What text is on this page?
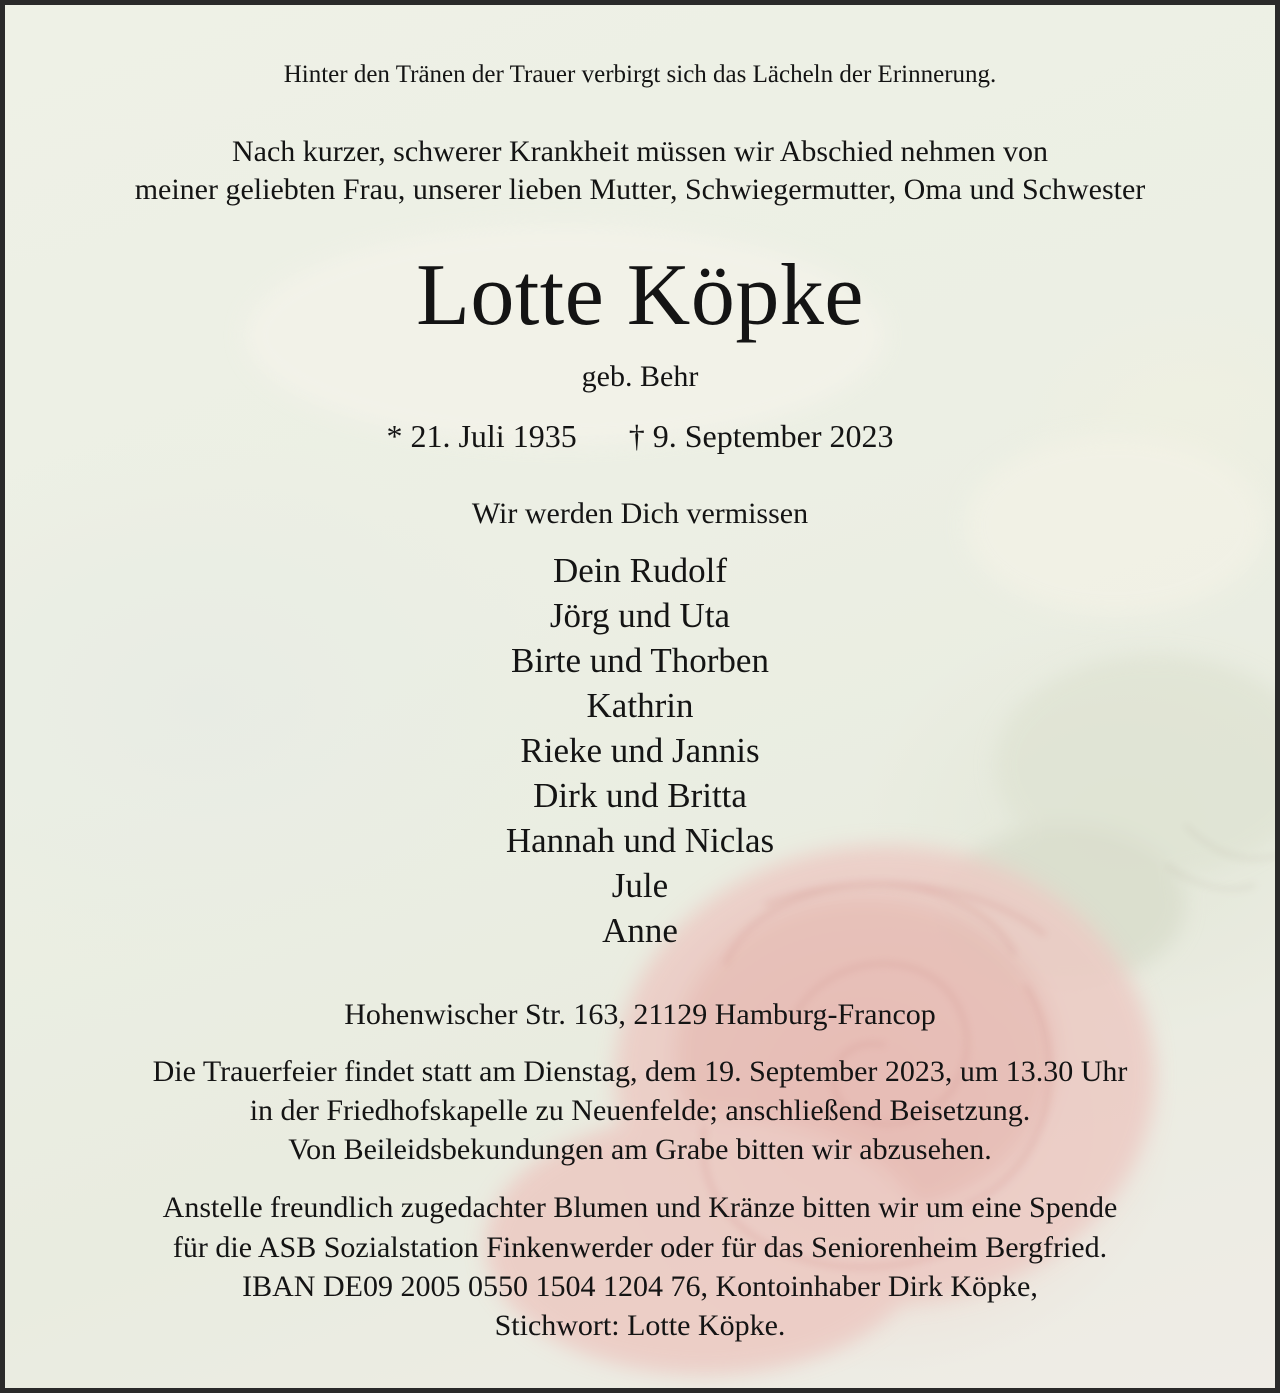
Hinter den Tränen der Trauer verbirgt sich das Lächeln der Erinnerung.
Nach kurzer, schwerer Krankheit müssen wir Abschied nehmen von
meiner geliebten Frau, unserer lieben Mutter, Schwiegermutter, Oma und Schwester
Lotte Köpke
geb. Behr
* 21. Juli 1935 † 9. September 2023
Wir werden Dich vermissen
Dein Rudolf
Jörg und Uta
Birte und Thorben
Kathrin
Rieke und Jannis
Dirk und Britta
Hannah und Niclas
Jule
Anne
Hohenwischer Str. 163, 21129 Hamburg-Francop
Die Trauerfeier findet statt am Dienstag, dem 19. September 2023, um 13.30 Uhr
in der Friedhofskapelle zu Neuenfelde; anschließend Beisetzung.
Von Beileidsbekundungen am Grabe bitten wir abzusehen.
Anstelle freundlich zugedachter Blumen und Kränze bitten wir um eine Spende
für die ASB Sozialstation Finkenwerder oder für das Seniorenheim Bergfried.
IBAN DE09 2005 0550 1504 1204 76, Kontoinhaber Dirk Köpke,
Stichwort: Lotte Köpke.
